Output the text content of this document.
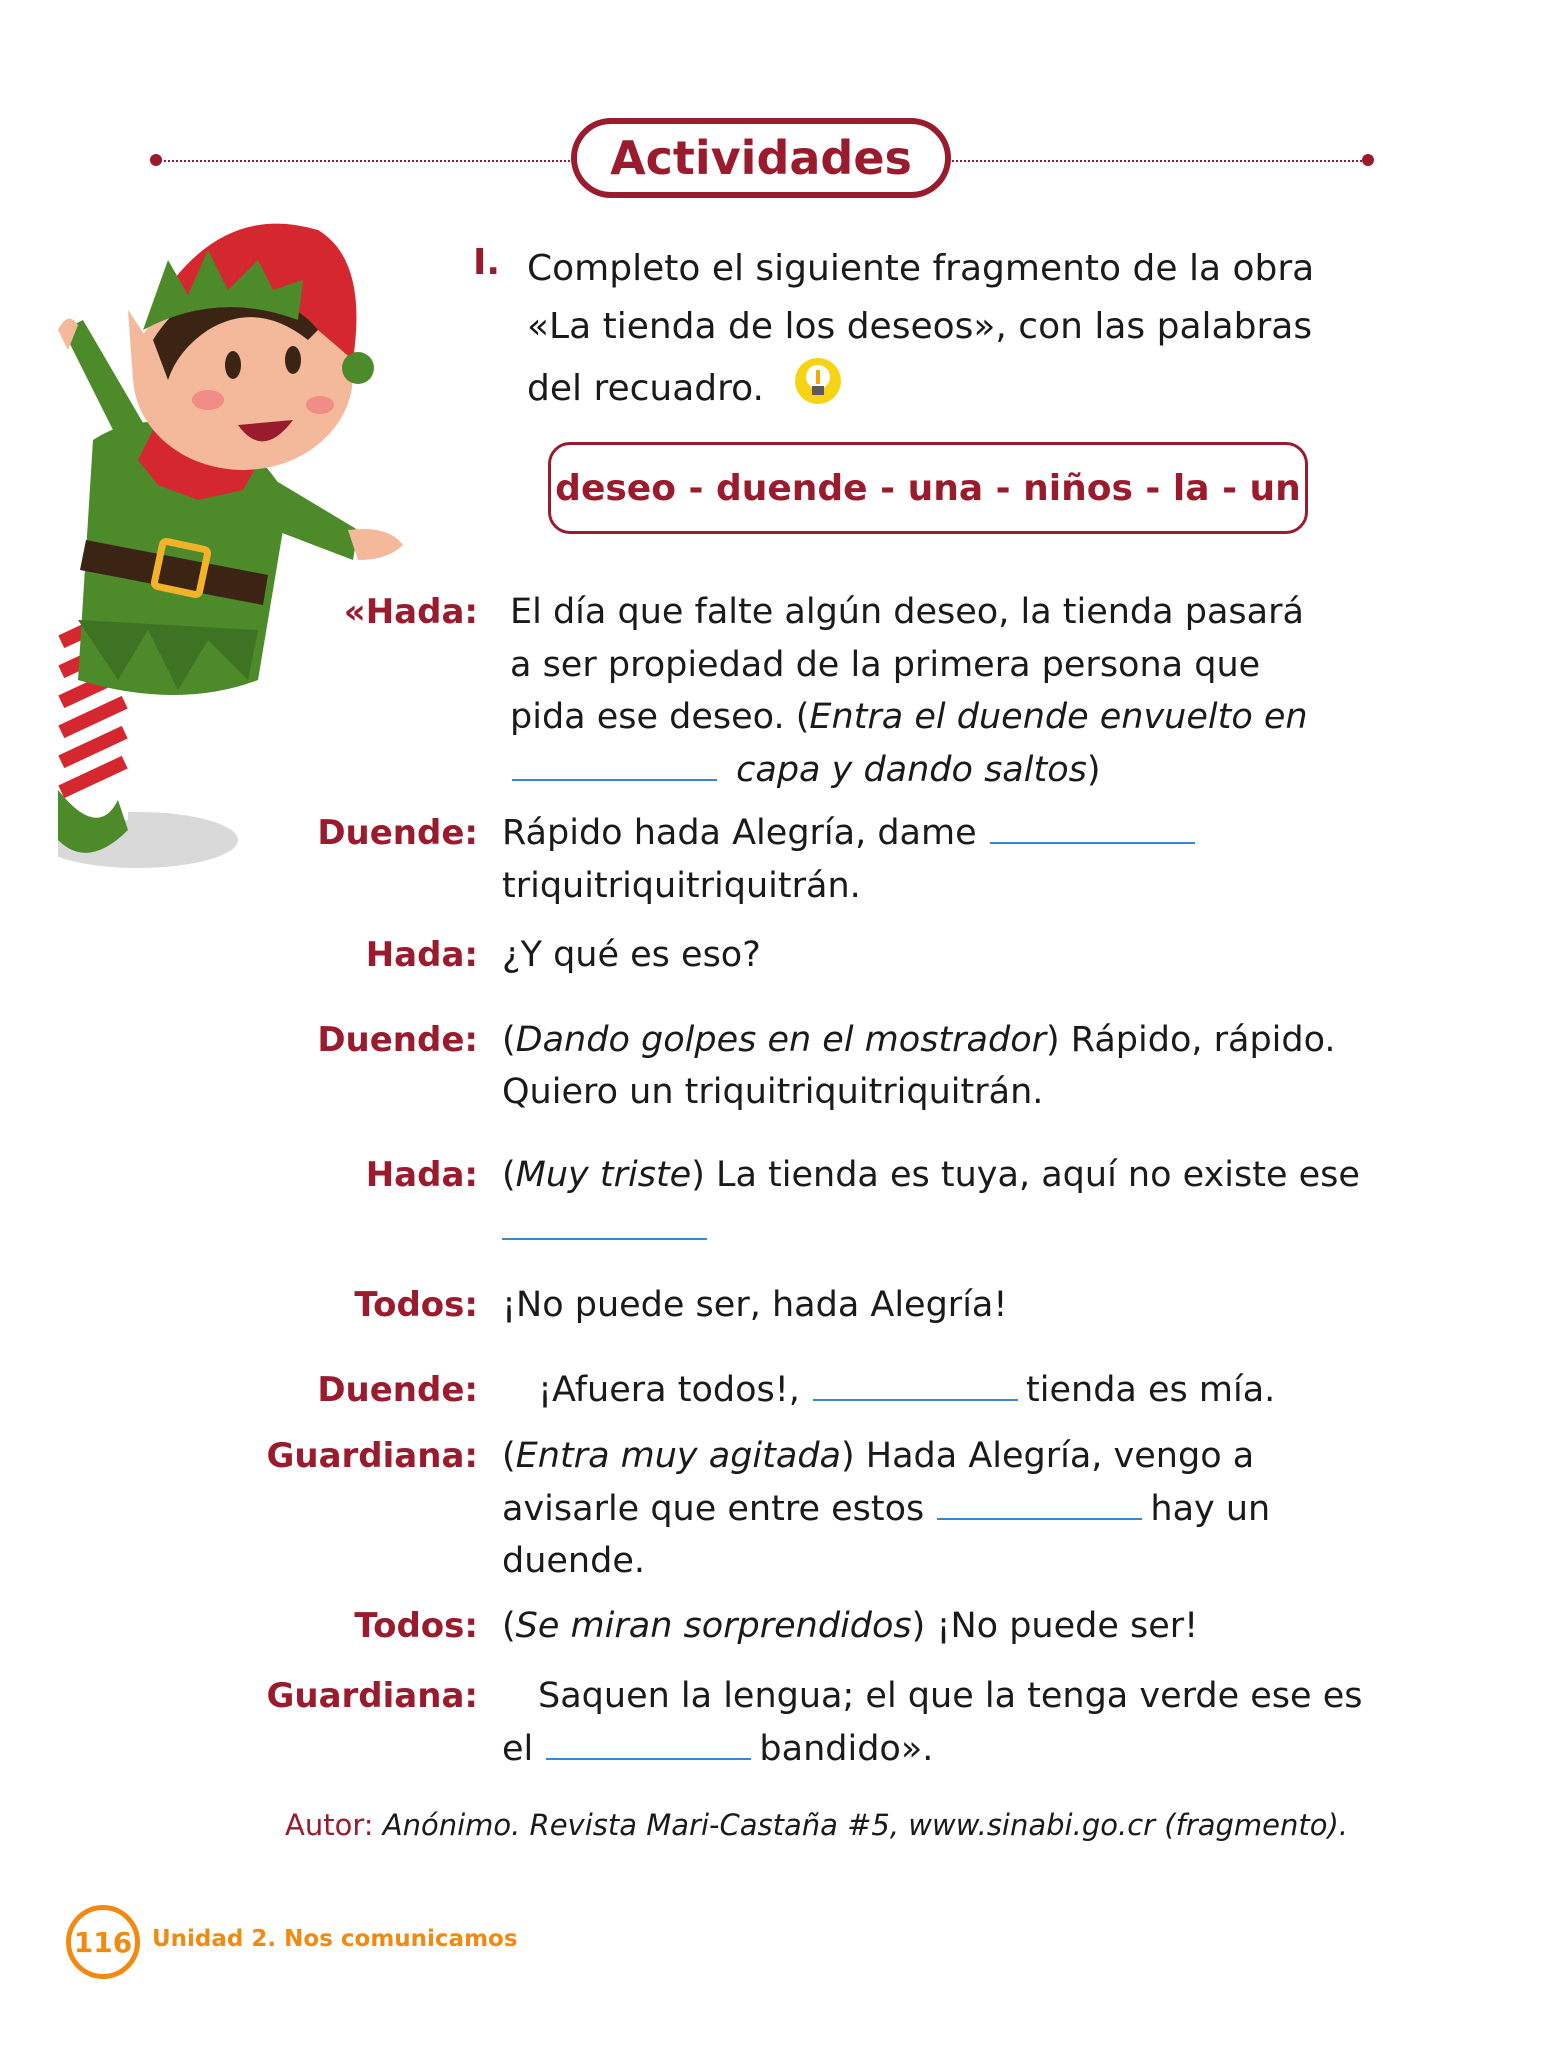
Actividades
I. Completo el siguiente fragmento de la obra «La tienda de los deseos», con las palabras del recuadro.
deseo - duende - una - niños - la - un
«Hada: El día que falte algún deseo, la tienda pasará
a ser propiedad de la primera persona que
pida ese deseo. (Entra el duende envuelto en
capa y dando saltos)
Duende: Rápido hada Alegría, dame
triquitriquitriquitrán.
Hada: ¿Y qué es eso?
Duende: (Dando golpes en el mostrador) Rápido, rápido.
Quiero un triquitriquitriquitrán.
Hada: (Muy triste) La tienda es tuya, aquí no existe ese
Todos: ¡No puede ser, hada Alegría!
Duende: ¡Afuera todos!,	tienda es mía.
Guardiana: (Entra muy agitada) Hada Alegría, vengo a
avisarle que entre estos	hay un
duende.
Todos: (Se miran sorprendidos) ¡No puede ser!
Guardiana: Saquen la lengua; el que la tenga verde ese es
el	bandido».
Autor: Anónimo. Revista Mari-Castaña #5, www.sinabi.go.cr (fragmento).
116 Unidad 2. Nos comunicamos
